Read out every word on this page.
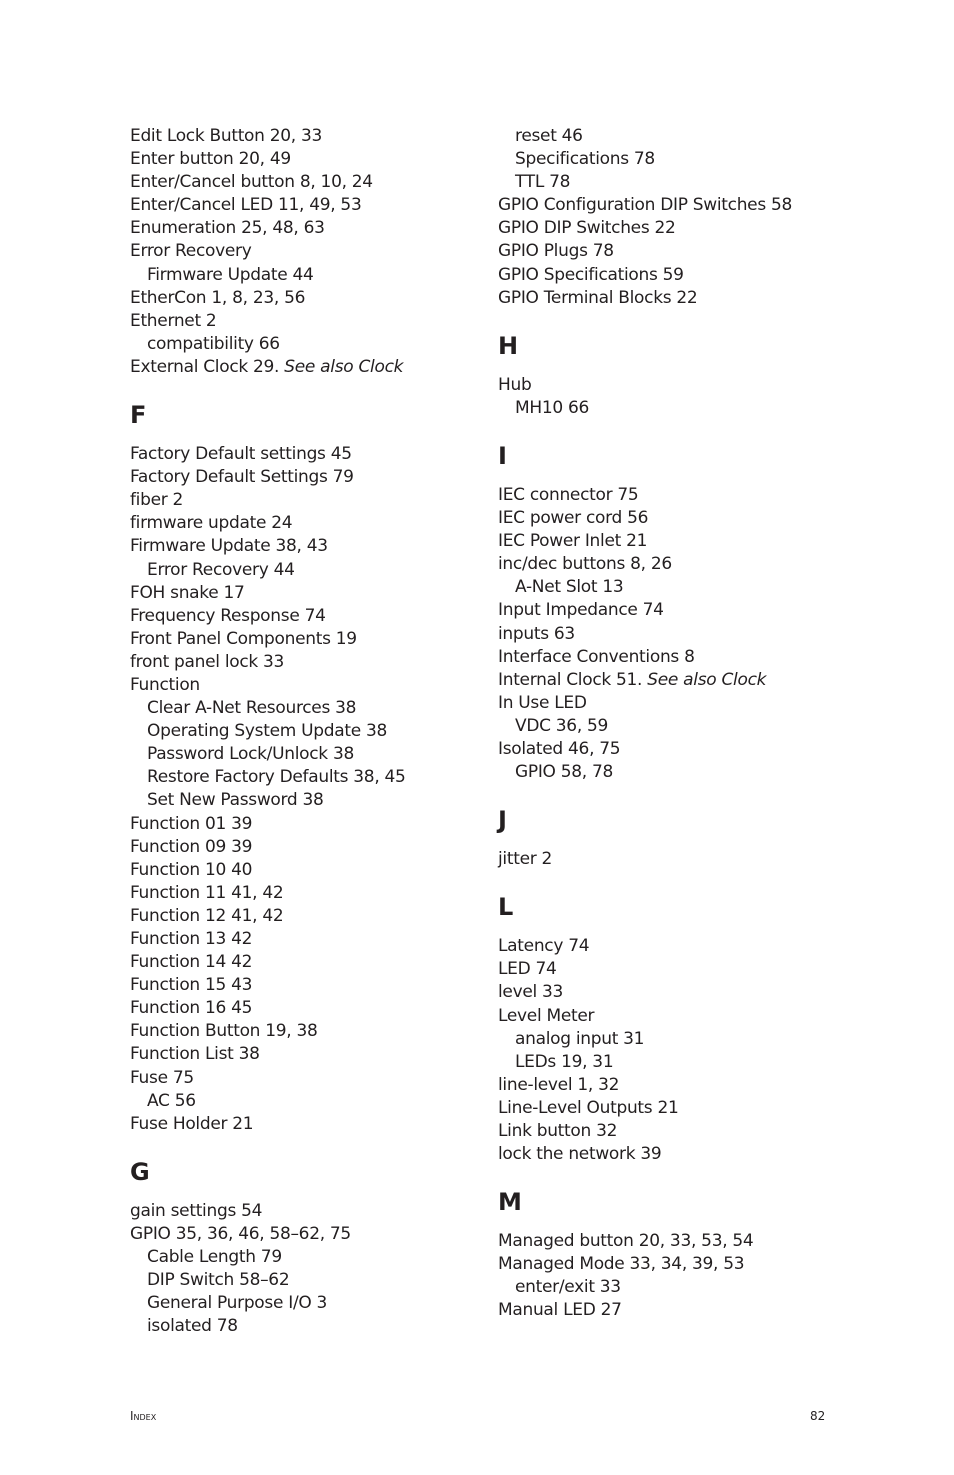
Edit Lock Button 20, 33
Enter button 20, 49
Enter/Cancel button 8, 10, 24
Enter/Cancel LED 11, 49, 53
Enumeration 25, 48, 63
Error Recovery
Firmware Update 44
EtherCon 1, 8, 23, 56
Ethernet 2
compatibility 66
External Clock 29. See also Clock
F
Factory Default settings 45
Factory Default Settings 79
fiber 2
firmware update 24
Firmware Update 38, 43
Error Recovery 44
FOH snake 17
Frequency Response 74
Front Panel Components 19
front panel lock 33
Function
Clear A-Net Resources 38
Operating System Update 38
Password Lock/Unlock 38
Restore Factory Defaults 38, 45
Set New Password 38
Function 01 39
Function 09 39
Function 10 40
Function 11 41, 42
Function 12 41, 42
Function 13 42
Function 14 42
Function 15 43
Function 16 45
Function Button 19, 38
Function List 38
Fuse 75
AC 56
Fuse Holder 21
G
gain settings 54
GPIO 35, 36, 46, 58–62, 75
Cable Length 79
DIP Switch 58–62
General Purpose I/O 3
isolated 78
reset 46
Specifications 78
TTL 78
GPIO Configuration DIP Switches 58
GPIO DIP Switches 22
GPIO Plugs 78
GPIO Specifications 59
GPIO Terminal Blocks 22
H
Hub
MH10 66
I
IEC connector 75
IEC power cord 56
IEC Power Inlet 21
inc/dec buttons 8, 26
A-Net Slot 13
Input Impedance 74
inputs 63
Interface Conventions 8
Internal Clock 51. See also Clock
In Use LED
VDC 36, 59
Isolated 46, 75
GPIO 58, 78
J
jitter 2
L
Latency 74
LED 74
level 33
Level Meter
analog input 31
LEDs 19, 31
line-level 1, 32
Line-Level Outputs 21
Link button 32
lock the network 39
M
Managed button 20, 33, 53, 54
Managed Mode 33, 34, 39, 53
enter/exit 33
Manual LED 27
Index	82
